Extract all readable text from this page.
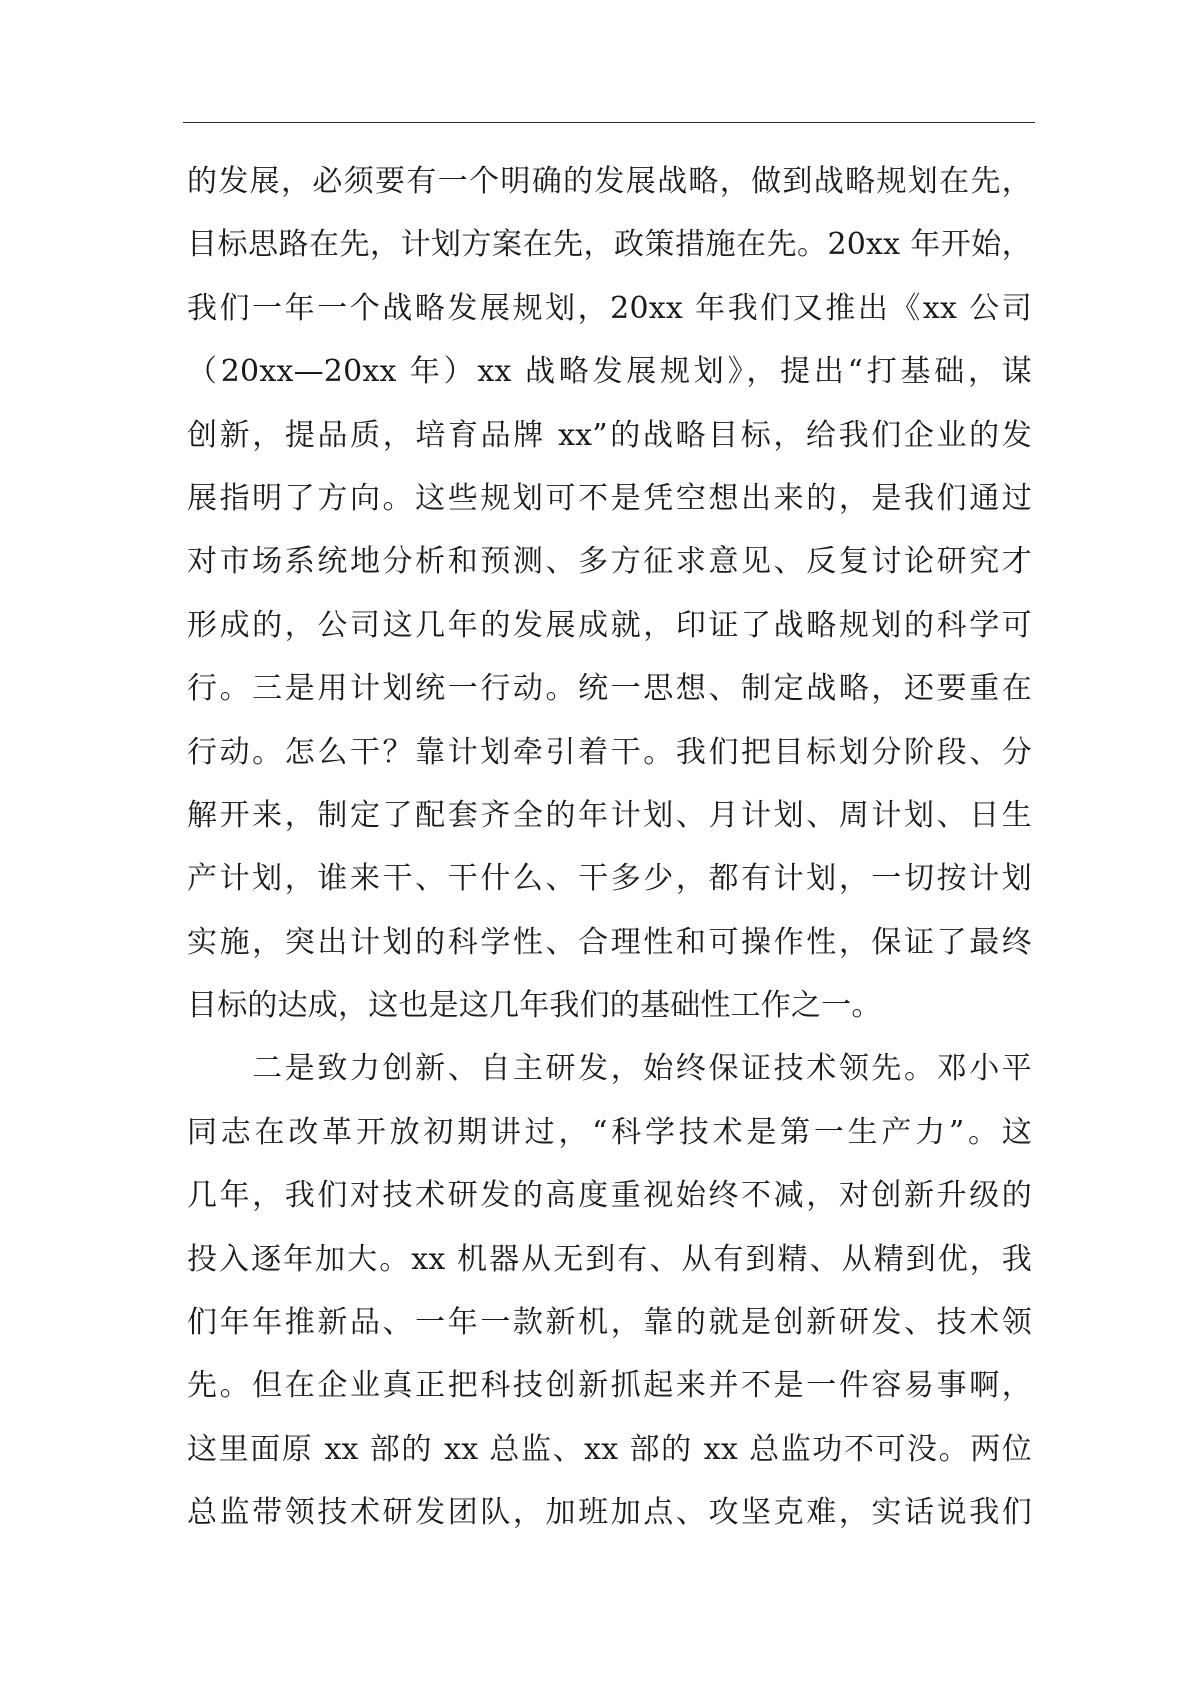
的发展，必须要有一个明确的发展战略，做到战略规划在先，
目标思路在先，计划方案在先，政策措施在先。20xx 年开始，
我们一年一个战略发展规划，20xx 年我们又推出《xx 公司
（20xx—20xx 年）xx 战略发展规划》，提出“打基础，谋
创新，提品质，培育品牌 xx”的战略目标，给我们企业的发
展指明了方向。这些规划可不是凭空想出来的，是我们通过
对市场系统地分析和预测、多方征求意见、反复讨论研究才
形成的，公司这几年的发展成就，印证了战略规划的科学可
行。三是用计划统一行动。统一思想、制定战略，还要重在
行动。怎么干？靠计划牵引着干。我们把目标划分阶段、分
解开来，制定了配套齐全的年计划、月计划、周计划、日生
产计划，谁来干、干什么、干多少，都有计划，一切按计划
实施，突出计划的科学性、合理性和可操作性，保证了最终
目标的达成，这也是这几年我们的基础性工作之一。
　　二是致力创新、自主研发，始终保证技术领先。邓小平
同志在改革开放初期讲过，“科学技术是第一生产力”。这
几年，我们对技术研发的高度重视始终不减，对创新升级的
投入逐年加大。xx 机器从无到有、从有到精、从精到优，我
们年年推新品、一年一款新机，靠的就是创新研发、技术领
先。但在企业真正把科技创新抓起来并不是一件容易事啊，
这里面原 xx 部的 xx 总监、xx 部的 xx 总监功不可没。两位
总监带领技术研发团队，加班加点、攻坚克难，实话说我们
